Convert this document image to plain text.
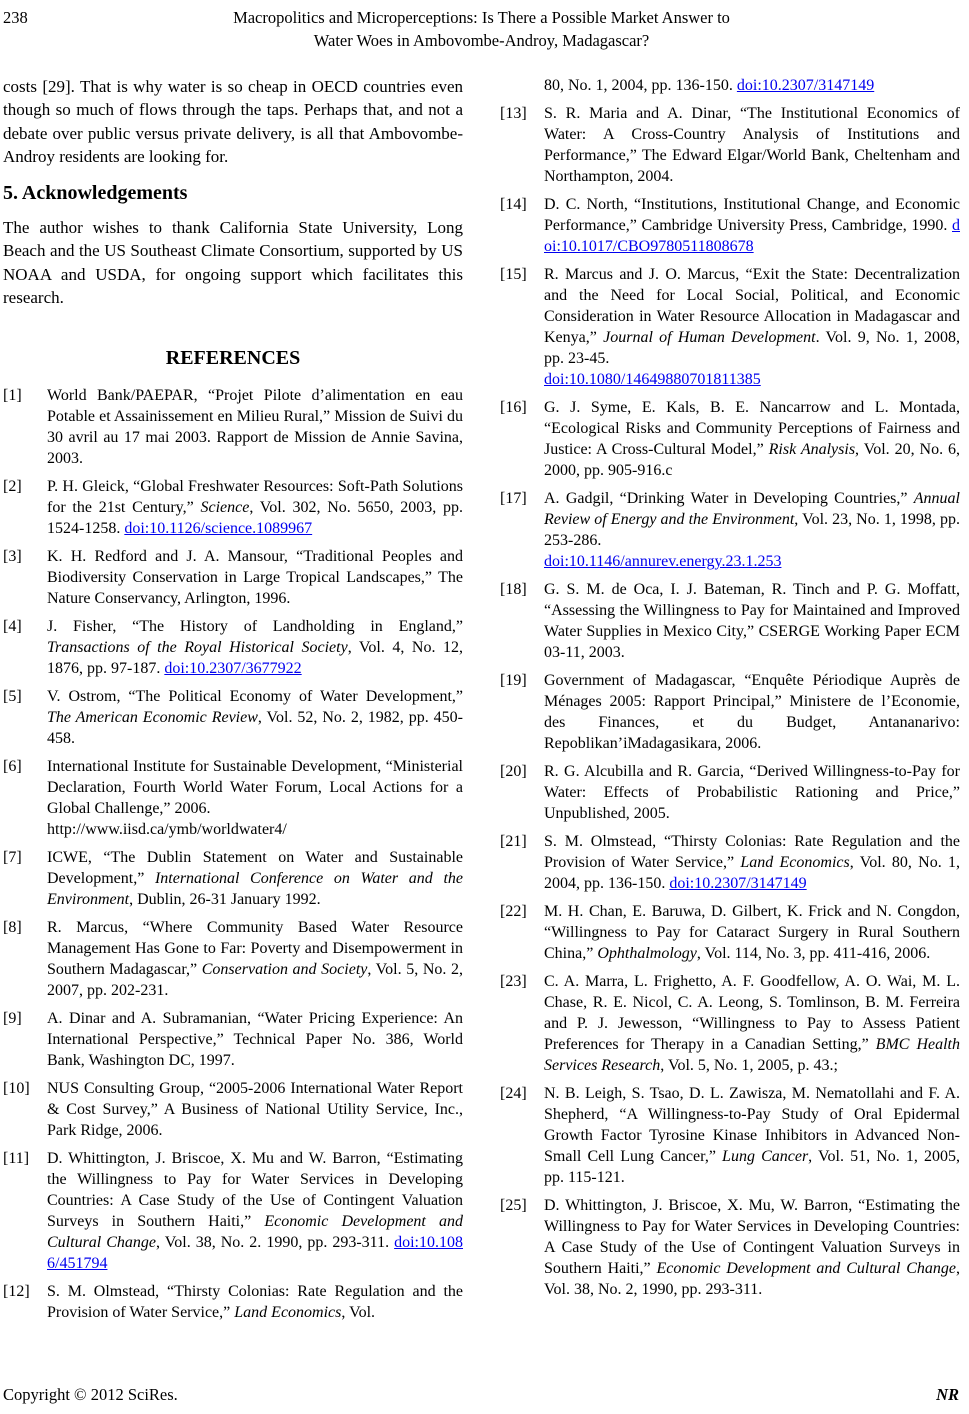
238	Macropolitics and Microperceptions: Is There a Possible Market Answer to
Water Woes in Ambovombe-Androy, Madagascar?

costs [29]. That is why water is so cheap in OECD countries even though so much of flows through the taps. Perhaps that, and not a debate over public versus private delivery, is all that Ambovombe-Androy residents are looking for.

5. Acknowledgements

The author wishes to thank California State University, Long Beach and the US Southeast Climate Consortium, supported by US NOAA and USDA, for ongoing support which facilitates this research.

REFERENCES
[1] World Bank/PAEPAR, “Projet Pilote d’alimentation en eau Potable et Assainissement en Milieu Rural,” Mission de Suivi du 30 avril au 17 mai 2003. Rapport de Mission de Annie Savina, 2003.
[2] P. H. Gleick, “Global Freshwater Resources: Soft-Path Solutions for the 21st Century,” Science, Vol. 302, No. 5650, 2003, pp. 1524-1258. doi:10.1126/science.1089967
[3] K. H. Redford and J. A. Mansour, “Traditional Peoples and Biodiversity Conservation in Large Tropical Landscapes,” The Nature Conservancy, Arlington, 1996.
[4] J. Fisher, “The History of Landholding in England,” Transactions of the Royal Historical Society, Vol. 4, No. 12, 1876, pp. 97-187. doi:10.2307/3677922
[5] V. Ostrom, “The Political Economy of Water Development,” The American Economic Review, Vol. 52, No. 2, 1982, pp. 450-458.
[6] International Institute for Sustainable Development, “Ministerial Declaration, Fourth World Water Forum, Local Actions for a Global Challenge,” 2006.
http://www.iisd.ca/ymb/worldwater4/
[7] ICWE, “The Dublin Statement on Water and Sustainable Development,” International Conference on Water and the Environment, Dublin, 26-31 January 1992.
[8] R. Marcus, “Where Community Based Water Resource Management Has Gone to Far: Poverty and Disempowerment in Southern Madagascar,” Conservation and Society, Vol. 5, No. 2, 2007, pp. 202-231.
[9] A. Dinar and A. Subramanian, “Water Pricing Experience: An International Perspective,” Technical Paper No. 386, World Bank, Washington DC, 1997.
[10] NUS Consulting Group, “2005-2006 International Water Report & Cost Survey,” A Business of National Utility Service, Inc., Park Ridge, 2006.
[11] D. Whittington, J. Briscoe, X. Mu and W. Barron, “Estimating the Willingness to Pay for Water Services in Developing Countries: A Case Study of the Use of Contingent Valuation Surveys in Southern Haiti,” Economic Development and Cultural Change, Vol. 38, No. 2. 1990, pp. 293-311. doi:10.1086/451794
[12] S. M. Olmstead, “Thirsty Colonias: Rate Regulation and the Provision of Water Service,” Land Economics, Vol.
80, No. 1, 2004, pp. 136-150. doi:10.2307/3147149
[13] S. R. Maria and A. Dinar, “The Institutional Economics of Water: A Cross-Country Analysis of Institutions and Performance,” The Edward Elgar/World Bank, Cheltenham and Northampton, 2004.
[14] D. C. North, “Institutions, Institutional Change, and Economic Performance,” Cambridge University Press, Cambridge, 1990. doi:10.1017/CBO9780511808678
[15] R. Marcus and J. O. Marcus, “Exit the State: Decentralization and the Need for Local Social, Political, and Economic Consideration in Water Resource Allocation in Madagascar and Kenya,” Journal of Human Development. Vol. 9, No. 1, 2008, pp. 23-45.
doi:10.1080/14649880701811385
[16] G. J. Syme, E. Kals, B. E. Nancarrow and L. Montada, “Ecological Risks and Community Perceptions of Fairness and Justice: A Cross-Cultural Model,” Risk Analysis, Vol. 20, No. 6, 2000, pp. 905-916.c
[17] A. Gadgil, “Drinking Water in Developing Countries,” Annual Review of Energy and the Environment, Vol. 23, No. 1, 1998, pp. 253-286.
doi:10.1146/annurev.energy.23.1.253
[18] G. S. M. de Oca, I. J. Bateman, R. Tinch and P. G. Moffatt, “Assessing the Willingness to Pay for Maintained and Improved Water Supplies in Mexico City,” CSERGE Working Paper ECM 03-11, 2003.
[19] Government of Madagascar, “Enquête Périodique Auprès de Ménages 2005: Rapport Principal,” Ministere de l’Economie, des Finances, et du Budget, Antananarivo: Repoblikan’iMadagasikara, 2006.
[20] R. G. Alcubilla and R. Garcia, “Derived Willingness-to-Pay for Water: Effects of Probabilistic Rationing and Price,” Unpublished, 2005.
[21] S. M. Olmstead, “Thirsty Colonias: Rate Regulation and the Provision of Water Service,” Land Economics, Vol. 80, No. 1, 2004, pp. 136-150. doi:10.2307/3147149
[22] M. H. Chan, E. Baruwa, D. Gilbert, K. Frick and N. Congdon, “Willingness to Pay for Cataract Surgery in Rural Southern China,” Ophthalmology, Vol. 114, No. 3, pp. 411-416, 2006.
[23] C. A. Marra, L. Frighetto, A. F. Goodfellow, A. O. Wai, M. L. Chase, R. E. Nicol, C. A. Leong, S. Tomlinson, B. M. Ferreira and P. J. Jewesson, “Willingness to Pay to Assess Patient Preferences for Therapy in a Canadian Setting,” BMC Health Services Research, Vol. 5, No. 1, 2005, p. 43.;
[24] N. B. Leigh, S. Tsao, D. L. Zawisza, M. Nematollahi and F. A. Shepherd, “A Willingness-to-Pay Study of Oral Epidermal Growth Factor Tyrosine Kinase Inhibitors in Advanced Non-Small Cell Lung Cancer,” Lung Cancer, Vol. 51, No. 1, 2005, pp. 115-121.
[25] D. Whittington, J. Briscoe, X. Mu, W. Barron, “Estimating the Willingness to Pay for Water Services in Developing Countries: A Case Study of the Use of Contingent Valuation Surveys in Southern Haiti,” Economic Development and Cultural Change, Vol. 38, No. 2, 1990, pp. 293-311.
Copyright © 2012 SciRes.	NR
